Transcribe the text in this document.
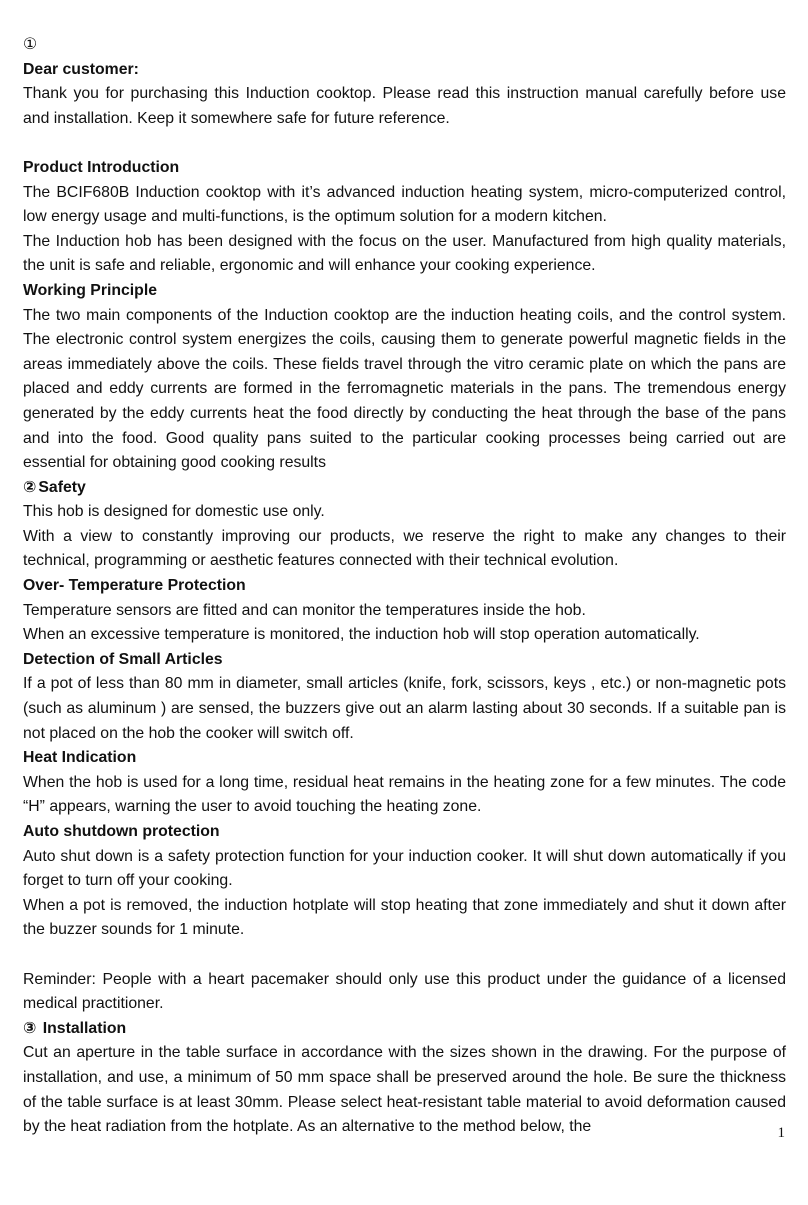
①

Dear customer:

Thank you for purchasing this Induction cooktop. Please read this instruction manual carefully before use and installation. Keep it somewhere safe for future reference.

Product Introduction

The BCIF680B Induction cooktop with it’s advanced induction heating system, micro-computerized control, low energy usage and multi-functions, is the optimum solution for a modern kitchen.

The Induction hob has been designed with the focus on the user. Manufactured from high quality materials, the unit is safe and reliable, ergonomic and will enhance your cooking experience.

Working Principle

The two main components of the Induction cooktop are the induction heating coils, and the control system. The electronic control system energizes the coils, causing them to generate powerful magnetic fields in the areas immediately above the coils. These fields travel through the vitro ceramic plate on which the pans are placed and eddy currents are formed in the ferromagnetic materials in the pans. The tremendous energy generated by the eddy currents heat the food directly by conducting the heat through the base of the pans and into the food. Good quality pans suited to the particular cooking processes being carried out are essential for obtaining good cooking results

② Safety

This hob is designed for domestic use only.

With a view to constantly improving our products, we reserve the right to make any changes to their technical, programming or aesthetic features connected with their technical evolution.

Over- Temperature Protection

Temperature sensors are fitted and can monitor the temperatures inside the hob.

When an excessive temperature is monitored, the induction hob will stop operation automatically.

Detection of Small Articles

If a pot of less than 80 mm in diameter, small articles (knife, fork, scissors, keys , etc.) or non-magnetic pots (such as aluminum ) are sensed, the buzzers give out an alarm lasting about 30 seconds. If a suitable pan is not placed on the hob the cooker will switch off.

Heat Indication

When the hob is used for a long time, residual heat remains in the heating zone for a few minutes. The code “H” appears, warning the user to avoid touching the heating zone.

Auto shutdown protection

Auto shut down is a safety protection function for your induction cooker. It will shut down automatically if you forget to turn off your cooking.

When a pot is removed, the induction hotplate will stop heating that zone immediately and shut it down after the buzzer sounds for 1 minute.

Reminder: People with a heart pacemaker should only use this product under the guidance of a licensed medical practitioner.

③ Installation

Cut an aperture in the table surface in accordance with the sizes shown in the drawing. For the purpose of installation, and use, a minimum of 50 mm space shall be preserved around the hole. Be sure the thickness of the table surface is at least 30mm. Please select heat-resistant table material to avoid deformation caused by the heat radiation from the hotplate. As an alternative to the method below, the	1
